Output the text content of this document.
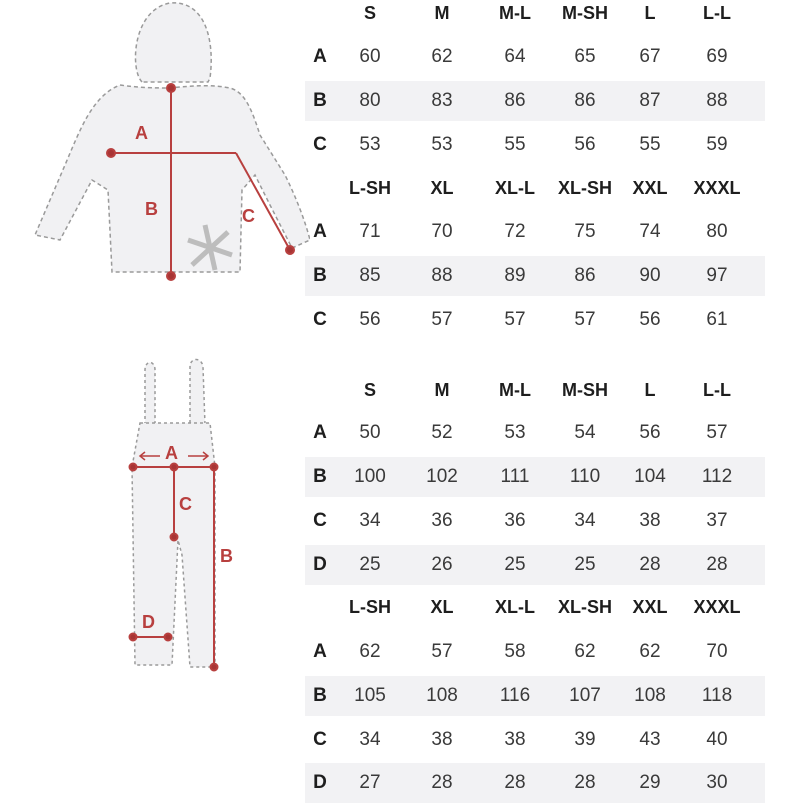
A
B	C
A
C
B
D
S	M	M-L	M-SH	L	L-L
A	60	62	64	65	67	69
B	80	83	86	86	87	88
C	53	53	55	56	55	59
L-SH	XL	XL-L	XL-SH	XXL	XXXL
A	71	70	72	75	74	80
B	85	88	89	86	90	97
C	56	57	57	57	56	61
S	M	M-L	M-SH	L	L-L
A	50	52	53	54	56	57
B	100	102	111	110	104	112
C	34	36	36	34	38	37
D	25	26	25	25	28	28
L-SH	XL	XL-L	XL-SH	XXL	XXXL
A	62	57	58	62	62	70
B	105	108	116	107	108	118
C	34	38	38	39	43	40
D	27	28	28	28	29	30
